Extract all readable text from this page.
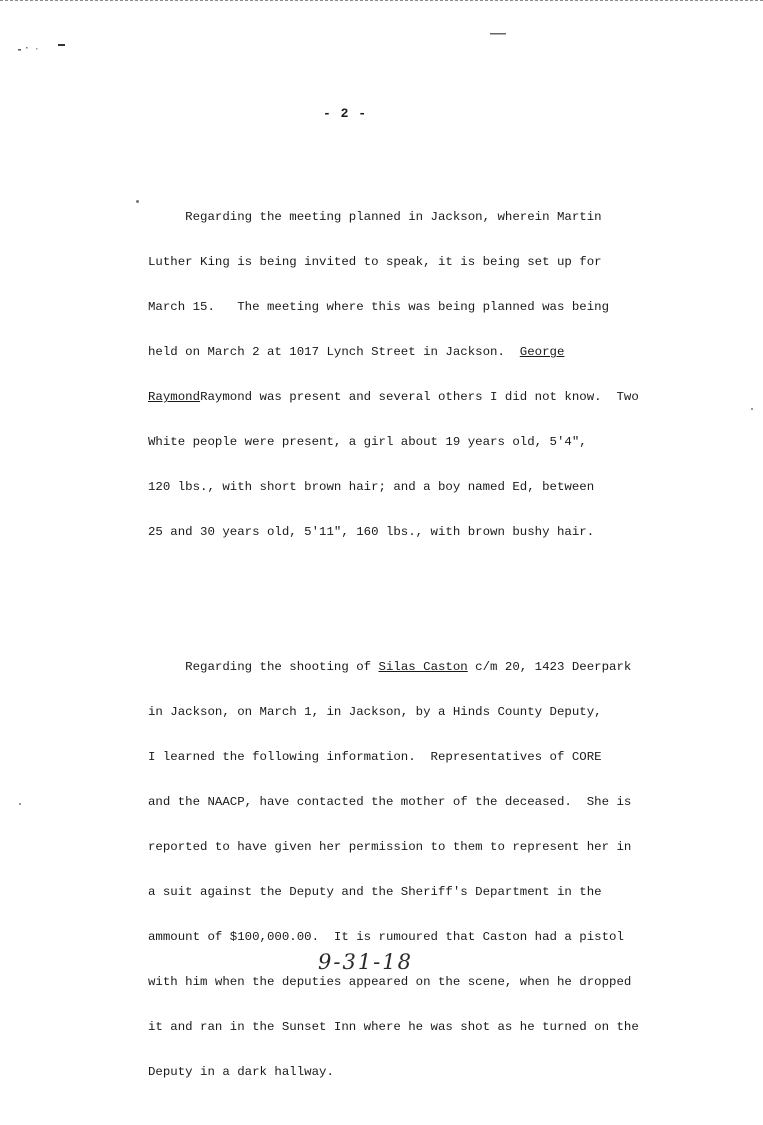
- 2 -

Regarding the meeting planned in Jackson, wherein Martin

Luther King is being invited to speak, it is being set up for

March 15.   The meeting where this was being planned was being

held on March 2 at 1017 Lynch Street in Jackson.  George

RaymondRaymond was present and several others I did not know.  Two

White people were present, a girl about 19 years old, 5'4",

120 lbs., with short brown hair; and a boy named Ed, between

25 and 30 years old, 5'11", 160 lbs., with brown bushy hair.

Regarding the shooting of Silas Caston c/m 20, 1423 Deerpark

in Jackson, on March 1, in Jackson, by a Hinds County Deputy,

I learned the following information.  Representatives of CORE

and the NAACP, have contacted the mother of the deceased.  She is

reported to have given her permission to them to represent her in

a suit against the Deputy and the Sheriff's Department in the

ammount of $100,000.00.  It is rumoured that Caston had a pistol

with him when the deputies appeared on the scene, when he dropped

it and ran in the Sunset Inn where he was shot as he turned on the

Deputy in a dark hallway.

9-31-18
